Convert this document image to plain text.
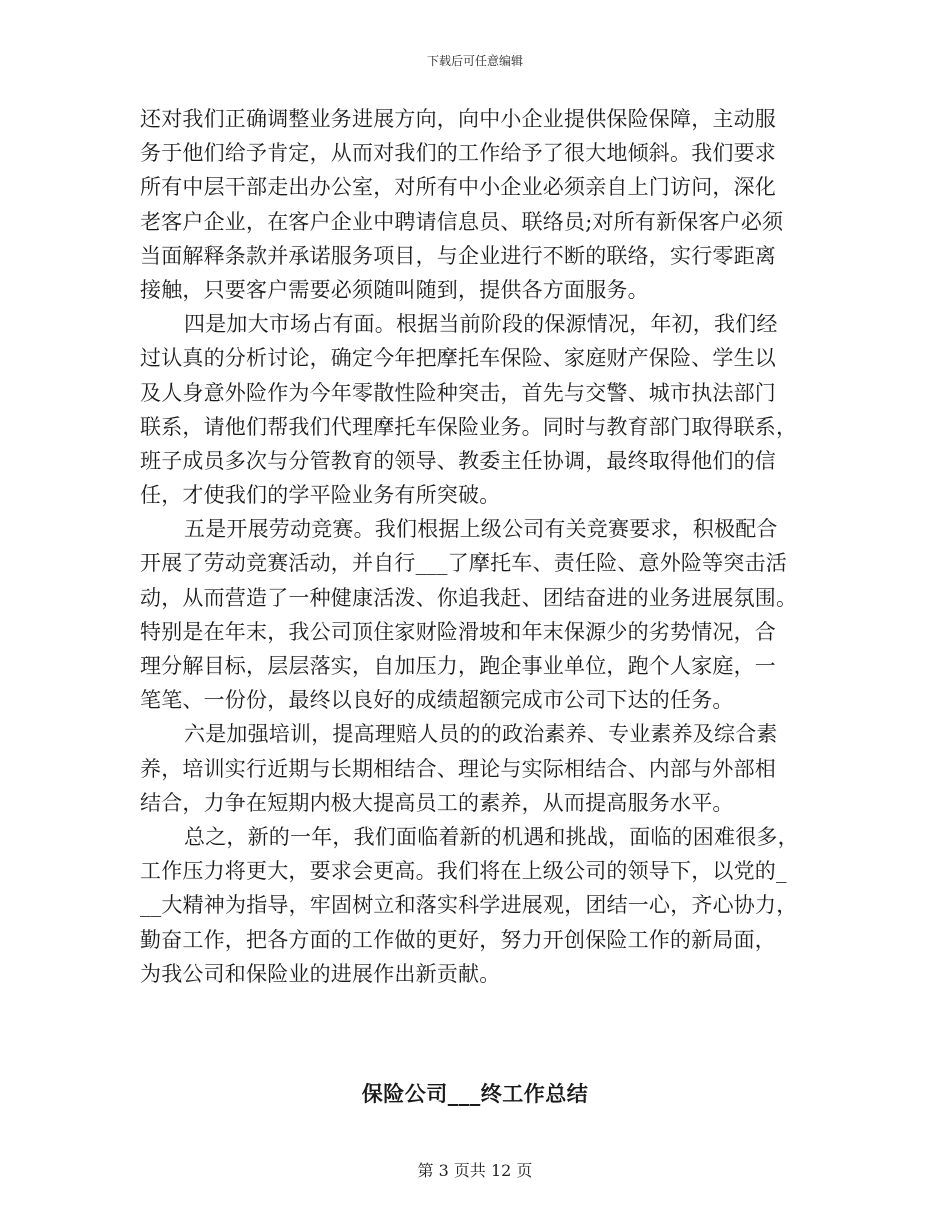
下载后可任意编辑
还对我们正确调整业务进展方向，向中小企业提供保险保障，主动服
务于他们给予肯定，从而对我们的工作给予了很大地倾斜。我们要求
所有中层干部走出办公室，对所有中小企业必须亲自上门访问，深化
老客户企业，在客户企业中聘请信息员、联络员;对所有新保客户必须
当面解释条款并承诺服务项目，与企业进行不断的联络，实行零距离
接触，只要客户需要必须随叫随到，提供各方面服务。
四是加大市场占有面。根据当前阶段的保源情况，年初，我们经
过认真的分析讨论，确定今年把摩托车保险、家庭财产保险、学生以
及人身意外险作为今年零散性险种突击，首先与交警、城市执法部门
联系，请他们帮我们代理摩托车保险业务。同时与教育部门取得联系，
班子成员多次与分管教育的领导、教委主任协调，最终取得他们的信
任，才使我们的学平险业务有所突破。
五是开展劳动竞赛。我们根据上级公司有关竞赛要求，积极配合
开展了劳动竞赛活动，并自行___了摩托车、责任险、意外险等突击活
动，从而营造了一种健康活泼、你追我赶、团结奋进的业务进展氛围。
特别是在年末，我公司顶住家财险滑坡和年末保源少的劣势情况，合
理分解目标，层层落实，自加压力，跑企事业单位，跑个人家庭，一
笔笔、一份份，最终以良好的成绩超额完成市公司下达的任务。
六是加强培训，提高理赔人员的的政治素养、专业素养及综合素
养，培训实行近期与长期相结合、理论与实际相结合、内部与外部相
结合，力争在短期内极大提高员工的素养，从而提高服务水平。
总之，新的一年，我们面临着新的机遇和挑战，面临的困难很多，
工作压力将更大，要求会更高。我们将在上级公司的领导下，以党的_
__大精神为指导，牢固树立和落实科学进展观，团结一心，齐心协力，
勤奋工作，把各方面的工作做的更好，努力开创保险工作的新局面，
为我公司和保险业的进展作出新贡献。
保险公司___终工作总结
第 3 页共 12 页
